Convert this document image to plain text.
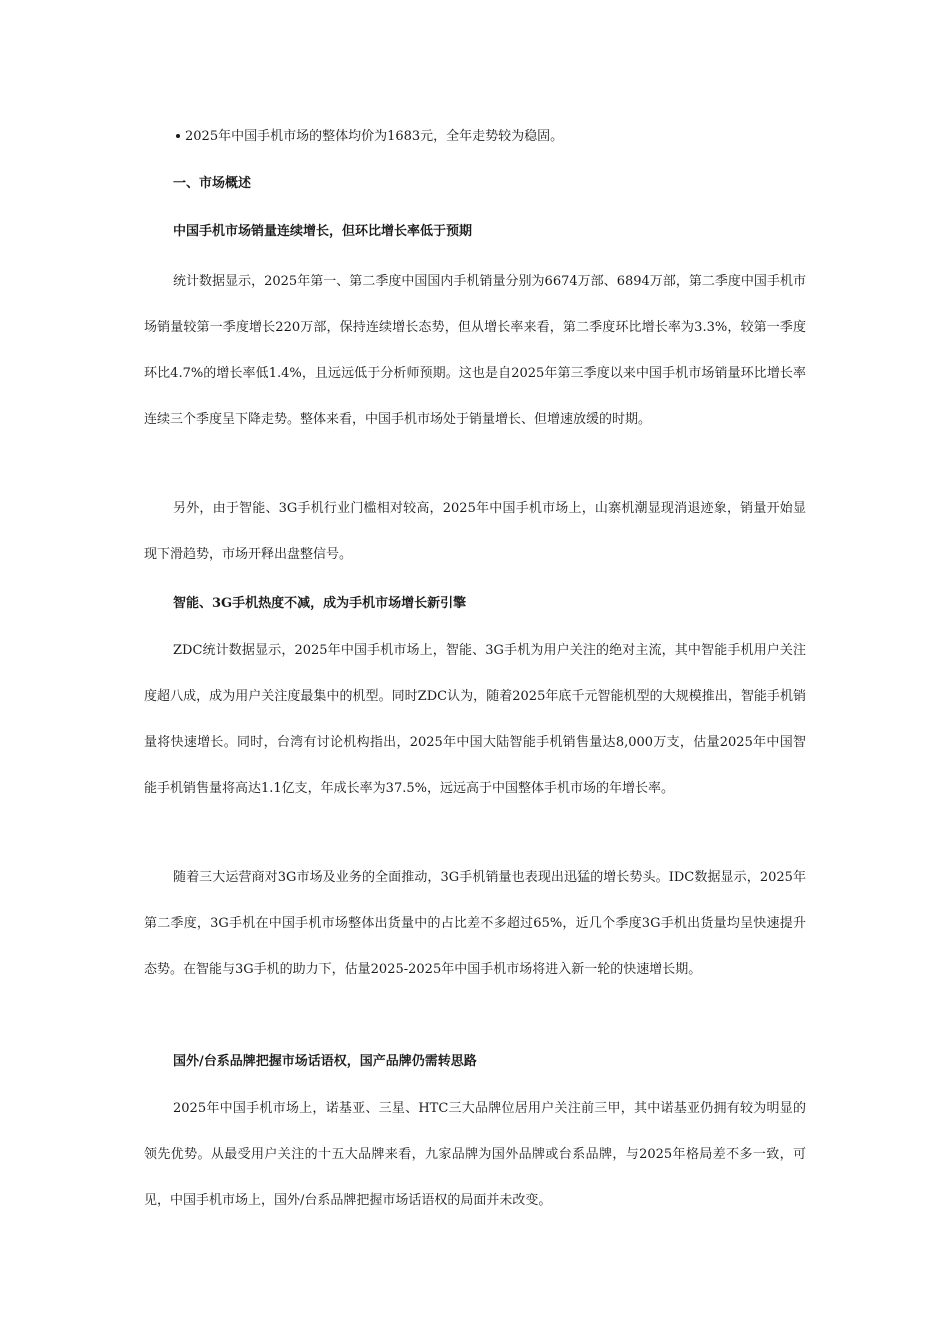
2025年中国手机市场的整体均价为1683元，全年走势较为稳固。
一、市场概述
中国手机市场销量连续增长，但环比增长率低于预期
统计数据显示，2025年第一、第二季度中国国内手机销量分别为6674万部、6894万部，第二季度中国手机市场销量较第一季度增长220万部，保持连续增长态势，但从增长率来看，第二季度环比增长率为3.3%，较第一季度环比4.7%的增长率低1.4%，且远远低于分析师预期。这也是自2025年第三季度以来中国手机市场销量环比增长率连续三个季度呈下降走势。整体来看，中国手机市场处于销量增长、但增速放缓的时期。
另外，由于智能、3G手机行业门槛相对较高，2025年中国手机市场上，山寨机潮显现消退迹象，销量开始显现下滑趋势，市场开释出盘整信号。
智能、3G手机热度不减，成为手机市场增长新引擎
ZDC统计数据显示，2025年中国手机市场上，智能、3G手机为用户关注的绝对主流，其中智能手机用户关注度超八成，成为用户关注度最集中的机型。同时ZDC认为，随着2025年底千元智能机型的大规模推出，智能手机销量将快速增长。同时，台湾有讨论机构指出，2025年中国大陆智能手机销售量达8,000万支，估量2025年中国智能手机销售量将高达1.1亿支，年成长率为37.5%，远远高于中国整体手机市场的年增长率。
随着三大运营商对3G市场及业务的全面推动，3G手机销量也表现出迅猛的增长势头。IDC数据显示，2025年第二季度，3G手机在中国手机市场整体出货量中的占比差不多超过65%，近几个季度3G手机出货量均呈快速提升态势。在智能与3G手机的助力下，估量2025-2025年中国手机市场将进入新一轮的快速增长期。
国外/台系品牌把握市场话语权，国产品牌仍需转思路
2025年中国手机市场上，诺基亚、三星、HTC三大品牌位居用户关注前三甲，其中诺基亚仍拥有较为明显的领先优势。从最受用户关注的十五大品牌来看，九家品牌为国外品牌或台系品牌，与2025年格局差不多一致，可见，中国手机市场上，国外/台系品牌把握市场话语权的局面并未改变。
